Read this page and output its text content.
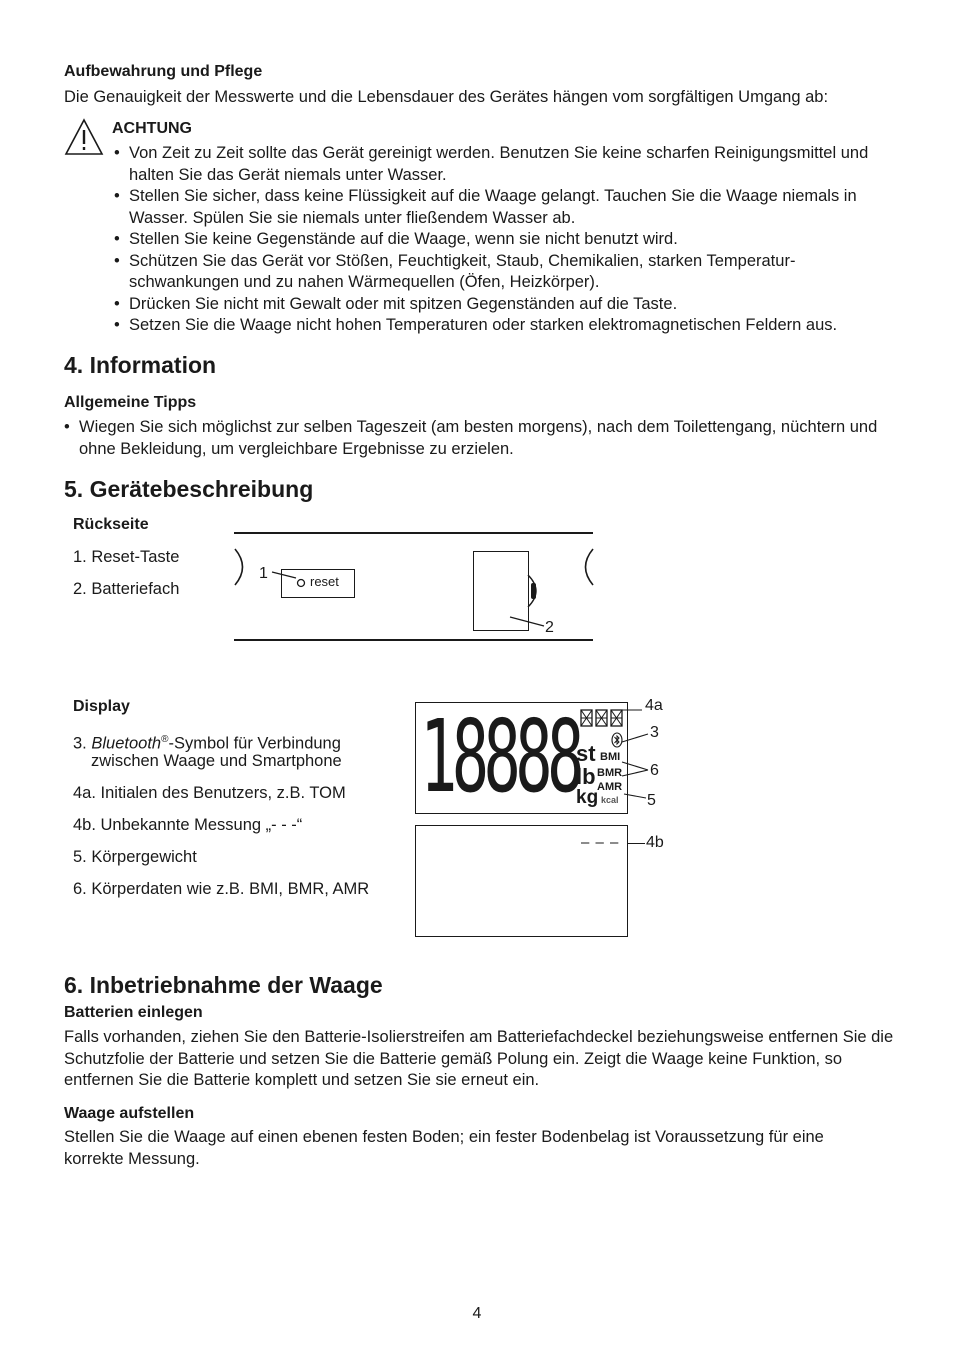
Aufbewahrung und Pflege
Die Genauigkeit der Messwerte und die Lebensdauer des Gerätes hängen vom sorgfältigen Umgang ab:
ACHTUNG
• Von Zeit zu Zeit sollte das Gerät gereinigt werden. Benutzen Sie keine scharfen Reinigungsmittel und halten Sie das Gerät niemals unter Wasser.
• Stellen Sie sicher, dass keine Flüssigkeit auf die Waage gelangt. Tauchen Sie die Waage niemals in Wasser. Spülen Sie sie niemals unter fließendem Wasser ab.
• Stellen Sie keine Gegenstände auf die Waage, wenn sie nicht benutzt wird.
• Schützen Sie das Gerät vor Stößen, Feuchtigkeit, Staub, Chemikalien, starken Temperaturschwankungen und zu nahen Wärmequellen (Öfen, Heizkörper).
• Drücken Sie nicht mit Gewalt oder mit spitzen Gegenständen auf die Taste.
• Setzen Sie die Waage nicht hohen Temperaturen oder starken elektromagnetischen Feldern aus.
4. Information
Allgemeine Tipps
• Wiegen Sie sich möglichst zur selben Tageszeit (am besten morgens), nach dem Toilettengang, nüchtern und ohne Bekleidung, um vergleichbare Ergebnisse zu erzielen.
5. Gerätebeschreibung
Rückseite
1. Reset-Taste
2. Batteriefach
1	reset
2
Display
3. Bluetooth®-Symbol für Verbindung
zwischen Waage und Smartphone
4a. Initialen des Benutzers, z.B. TOM
4b. Unbekannte Messung „- - -“
5. Körpergewicht
6. Körperdaten wie z.B. BMI, BMR, AMR
18888
st
lb
kg
BMI
BMR
AMR
kcal
4a
3
6
5
– – – 4b
6. Inbetriebnahme der Waage
Batterien einlegen
Falls vorhanden, ziehen Sie den Batterie-Isolierstreifen am Batteriefachdeckel beziehungsweise entfernen Sie die Schutzfolie der Batterie und setzen Sie die Batterie gemäß Polung ein. Zeigt die Waage keine Funktion, so entfernen Sie die Batterie komplett und setzen Sie sie erneut ein.
Waage aufstellen
Stellen Sie die Waage auf einen ebenen festen Boden; ein fester Bodenbelag ist Voraussetzung für eine korrekte Messung.
4
